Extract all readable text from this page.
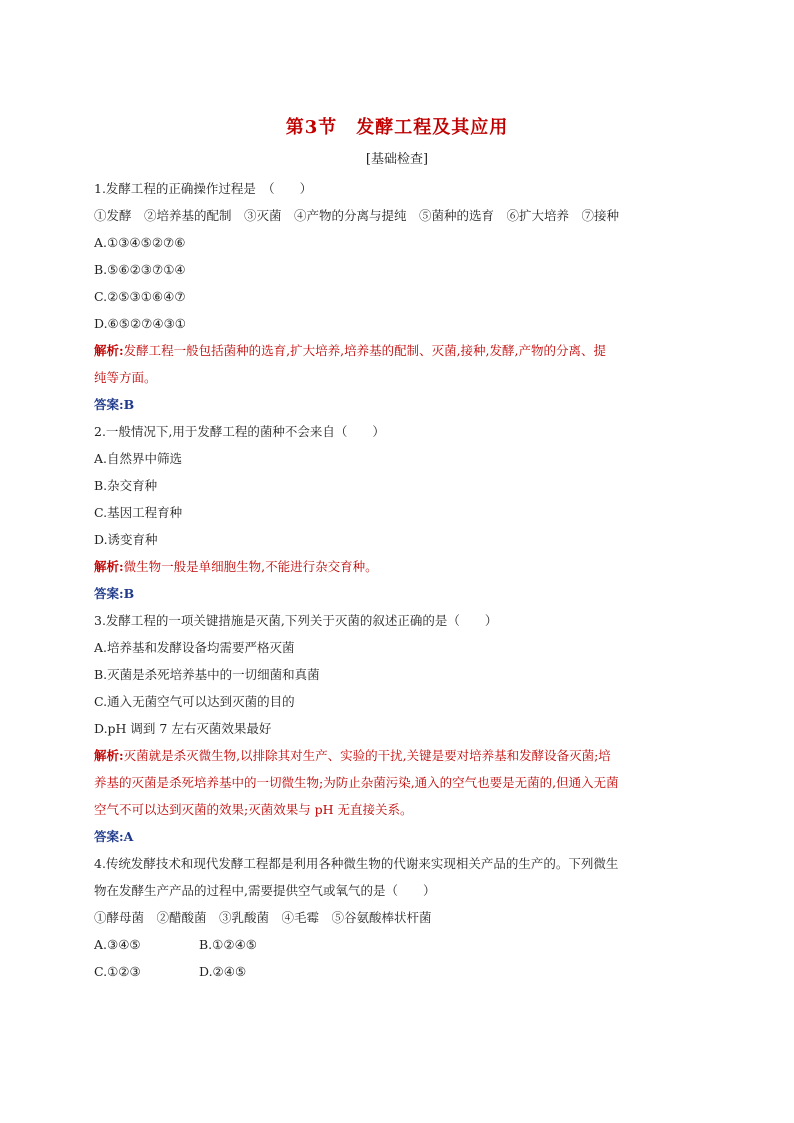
第3节　发酵工程及其应用
[基础检查]
1.发酵工程的正确操作过程是　（　　）
①发酵　②培养基的配制　③灭菌　④产物的分离与提纯　⑤菌种的选育　⑥扩大培养　⑦接种
A.①③④⑤②⑦⑥
B.⑤⑥②③⑦①④
C.②⑤③①⑥④⑦
D.⑥⑤②⑦④③①
解析:发酵工程一般包括菌种的选育,扩大培养,培养基的配制、灭菌,接种,发酵,产物的分离、提
纯等方面。
答案:B
2.一般情况下,用于发酵工程的菌种不会来自（　　）
A.自然界中筛选
B.杂交育种
C.基因工程育种
D.诱变育种
解析:微生物一般是单细胞生物,不能进行杂交育种。
答案:B
3.发酵工程的一项关键措施是灭菌,下列关于灭菌的叙述正确的是（　　）
A.培养基和发酵设备均需要严格灭菌
B.灭菌是杀死培养基中的一切细菌和真菌
C.通入无菌空气可以达到灭菌的目的
D.pH 调到 7 左右灭菌效果最好
解析:灭菌就是杀灭微生物,以排除其对生产、实验的干扰,关键是要对培养基和发酵设备灭菌;培
养基的灭菌是杀死培养基中的一切微生物;为防止杂菌污染,通入的空气也要是无菌的,但通入无菌
空气不可以达到灭菌的效果;灭菌效果与 pH 无直接关系。
答案:A
4.传统发酵技术和现代发酵工程都是利用各种微生物的代谢来实现相关产品的生产的。下列微生
物在发酵生产产品的过程中,需要提供空气或氧气的是（　　）
①酵母菌　②醋酸菌　③乳酸菌　④毛霉　⑤谷氨酸棒状杆菌
A.③④⑤	B.①②④⑤
C.①②③	D.②④⑤
